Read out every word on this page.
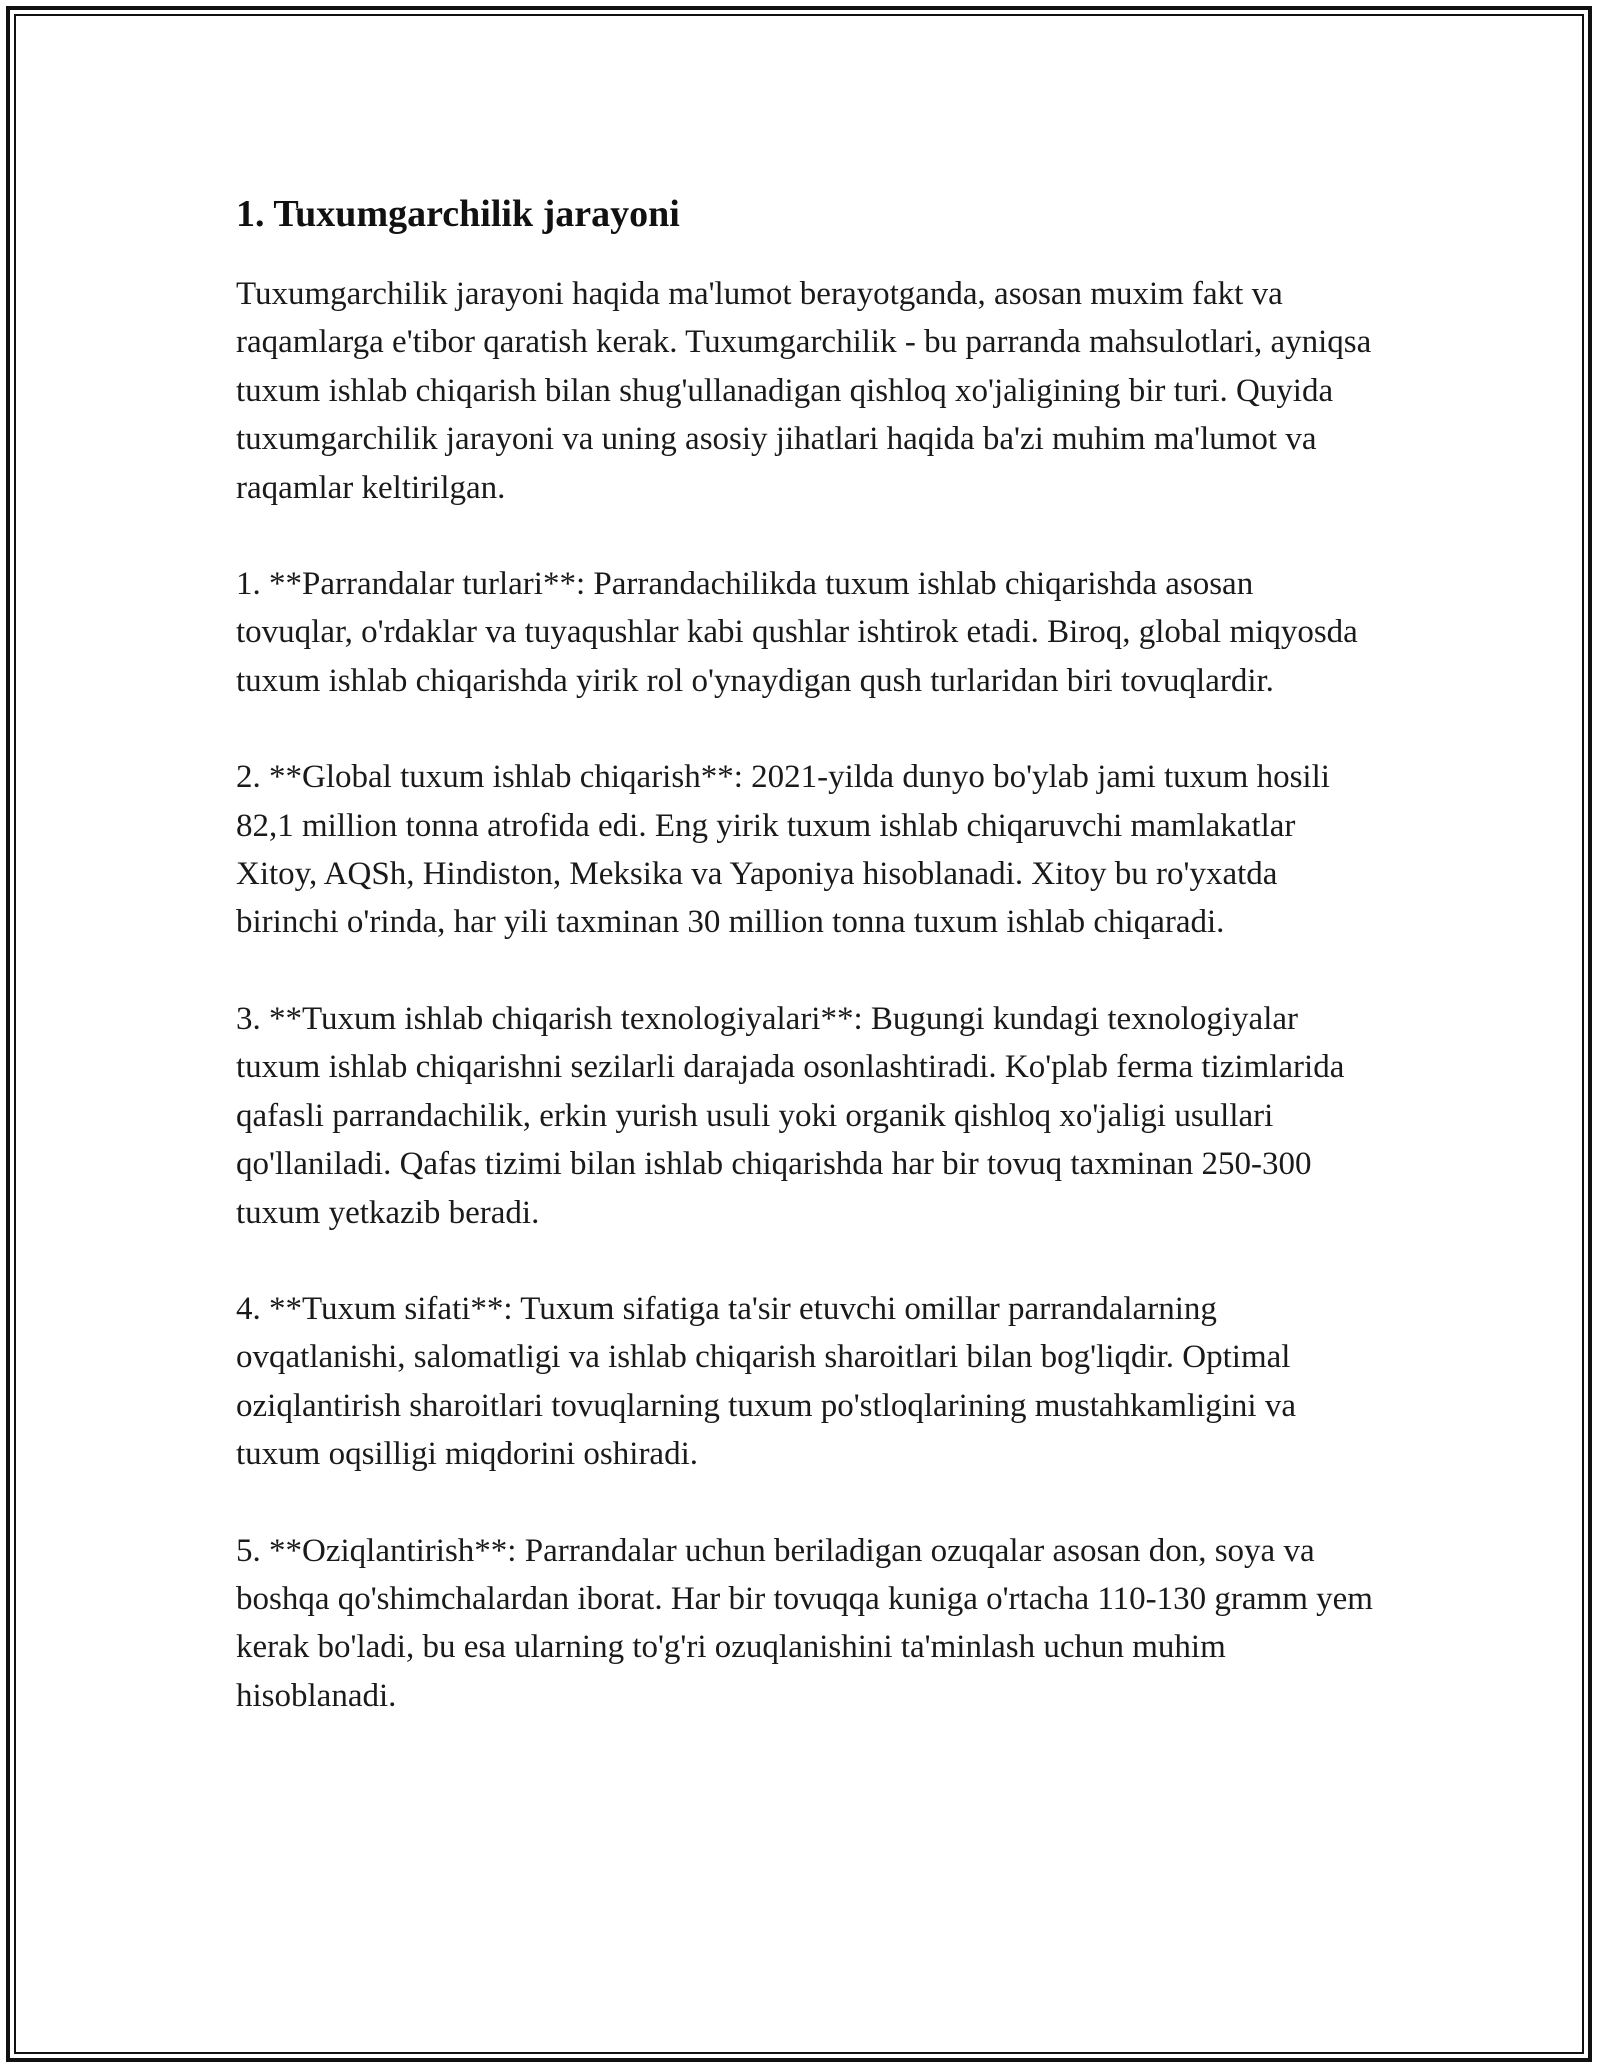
1. Tuxumgarchilik jarayoni

Tuxumgarchilik jarayoni haqida ma'lumot berayotganda, asosan muxim fakt va raqamlarga e'tibor qaratish kerak. Tuxumgarchilik - bu parranda mahsulotlari, ayniqsa tuxum ishlab chiqarish bilan shug'ullanadigan qishloq xo'jaligining bir turi. Quyida tuxumgarchilik jarayoni va uning asosiy jihatlari haqida ba'zi muhim ma'lumot va raqamlar keltirilgan.

1. **Parrandalar turlari**: Parrandachilikda tuxum ishlab chiqarishda asosan tovuqlar, o'rdaklar va tuyaqushlar kabi qushlar ishtirok etadi. Biroq, global miqyosda tuxum ishlab chiqarishda yirik rol o'ynaydigan qush turlaridan biri tovuqlardir.

2. **Global tuxum ishlab chiqarish**: 2021-yilda dunyo bo'ylab jami tuxum hosili 82,1 million tonna atrofida edi. Eng yirik tuxum ishlab chiqaruvchi mamlakatlar Xitoy, AQSh, Hindiston, Meksika va Yaponiya hisoblanadi. Xitoy bu ro'yxatda birinchi o'rinda, har yili taxminan 30 million tonna tuxum ishlab chiqaradi.

3. **Tuxum ishlab chiqarish texnologiyalari**: Bugungi kundagi texnologiyalar tuxum ishlab chiqarishni sezilarli darajada osonlashtiradi. Ko'plab ferma tizimlarida qafasli parrandachilik, erkin yurish usuli yoki organik qishloq xo'jaligi usullari qo'llaniladi. Qafas tizimi bilan ishlab chiqarishda har bir tovuq taxminan 250-300 tuxum yetkazib beradi.

4. **Tuxum sifati**: Tuxum sifatiga ta'sir etuvchi omillar parrandalarning ovqatlanishi, salomatligi va ishlab chiqarish sharoitlari bilan bog'liqdir. Optimal oziqlantirish sharoitlari tovuqlarning tuxum po'stloqlarining mustahkamligini va tuxum oqsilligi miqdorini oshiradi.

5. **Oziqlantirish**: Parrandalar uchun beriladigan ozuqalar asosan don, soya va boshqa qo'shimchalardan iborat. Har bir tovuqqa kuniga o'rtacha 110-130 gramm yem kerak bo'ladi, bu esa ularning to'g'ri ozuqlanishini ta'minlash uchun muhim hisoblanadi.
